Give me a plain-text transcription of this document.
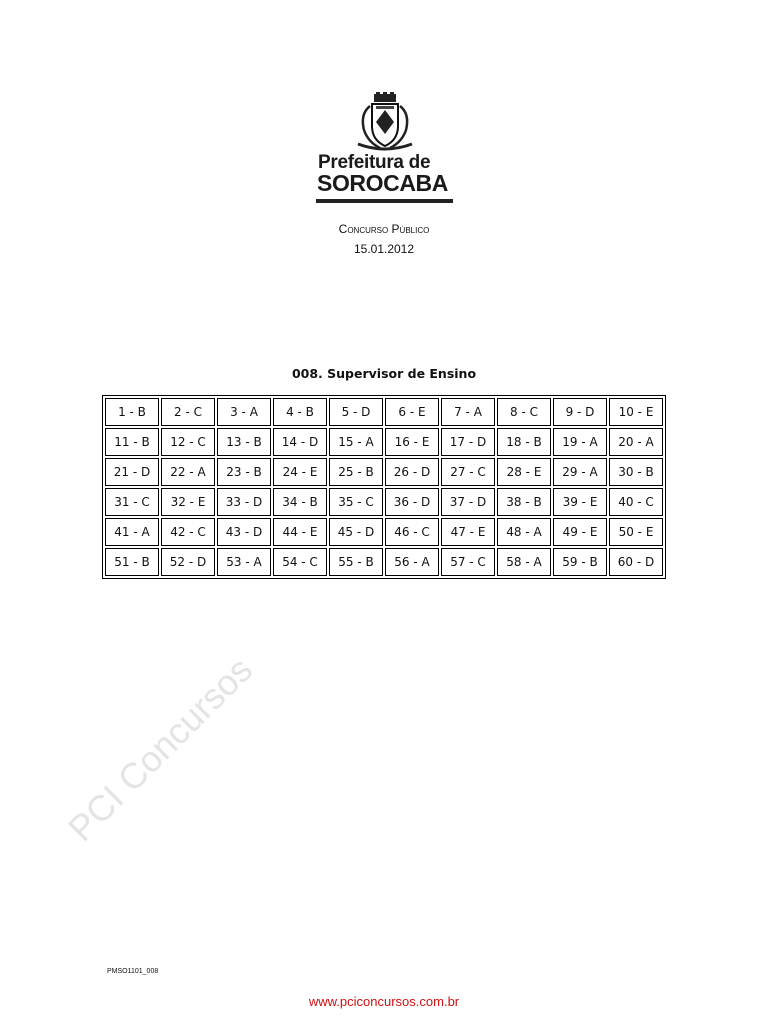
Prefeitura de
SOROCABA
Concurso Público
15.01.2012
008. Supervisor de Ensino
1 - B	2 - C	3 - A	4 - B	5 - D	6 - E	7 - A	8 - C	9 - D	10 - E
11 - B	12 - C	13 - B	14 - D	15 - A	16 - E	17 - D	18 - B	19 - A	20 - A
21 - D	22 - A	23 - B	24 - E	25 - B	26 - D	27 - C	28 - E	29 - A	30 - B
31 - C	32 - E	33 - D	34 - B	35 - C	36 - D	37 - D	38 - B	39 - E	40 - C
41 - A	42 - C	43 - D	44 - E	45 - D	46 - C	47 - E	48 - A	49 - E	50 - E
51 - B	52 - D	53 - A	54 - C	55 - B	56 - A	57 - C	58 - A	59 - B	60 - D
PCI Concursos
PMSO1101_008
www.pciconcursos.com.br
